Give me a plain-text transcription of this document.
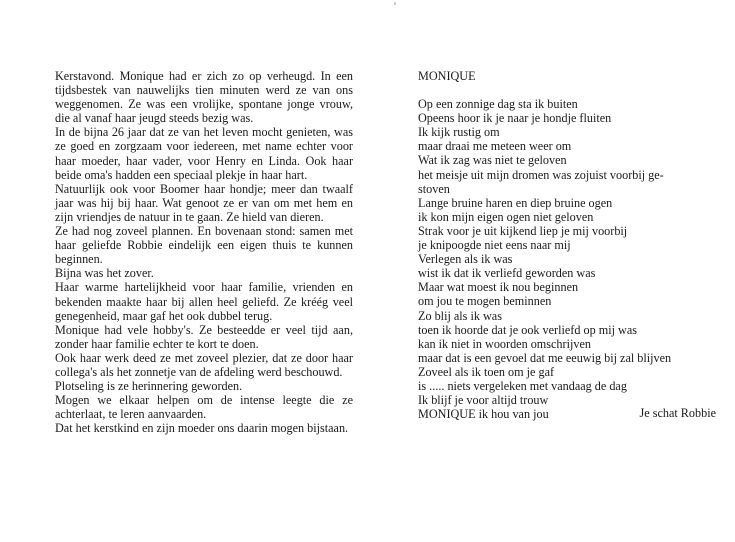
Kerstavond. Monique had er zich zo op verheugd. In een tijdsbestek van nauwelijks tien minuten werd ze van ons weggenomen. Ze was een vrolijke, spontane jonge vrouw, die al vanaf haar jeugd steeds bezig was.

In de bijna 26 jaar dat ze van het leven mocht genieten, was ze goed en zorgzaam voor iedereen, met name echter voor haar moeder, haar vader, voor Henry en Linda. Ook haar beide oma's hadden een speciaal plekje in haar hart.

Natuurlijk ook voor Boomer haar hondje; meer dan twaalf jaar was hij bij haar. Wat genoot ze er van om met hem en zijn vriendjes de natuur in te gaan. Ze hield van dieren.

Ze had nog zoveel plannen. En bovenaan stond: samen met haar geliefde Robbie eindelijk een eigen thuis te kunnen beginnen.

Bijna was het zover.

Haar warme hartelijkheid voor haar familie, vrienden en bekenden maakte haar bij allen heel geliefd. Ze kréég veel genegenheid, maar gaf het ook dubbel terug.

Monique had vele hobby's. Ze besteedde er veel tijd aan, zonder haar familie echter te kort te doen.

Ook haar werk deed ze met zoveel plezier, dat ze door haar collega's als het zonnetje van de afdeling werd beschouwd.

Plotseling is ze herinnering geworden.

Mogen we elkaar helpen om de intense leegte die ze achterlaat, te leren aanvaarden.

Dat het kerstkind en zijn moeder ons daarin mogen bijstaan.

MONIQUE

Op een zonnige dag sta ik buiten
Opeens hoor ik je naar je hondje fluiten
Ik kijk rustig om
maar draai me meteen weer om
Wat ik zag was niet te geloven
het meisje uit mijn dromen was zojuist voorbij ge-
stoven
Lange bruine haren en diep bruine ogen
ik kon mijn eigen ogen niet geloven
Strak voor je uit kijkend liep je mij voorbij
je knipoogde niet eens naar mij
Verlegen als ik was
wist ik dat ik verliefd geworden was
Maar wat moest ik nou beginnen
om jou te mogen beminnen
Zo blij als ik was
toen ik hoorde dat je ook verliefd op mij was
kan ik niet in woorden omschrijven
maar dat is een gevoel dat me eeuwig bij zal blijven
Zoveel als ik toen om je gaf
is ..... niets vergeleken met vandaag de dag
Ik blijf je voor altijd trouw
MONIQUE ik hou van jou	Je schat Robbie
